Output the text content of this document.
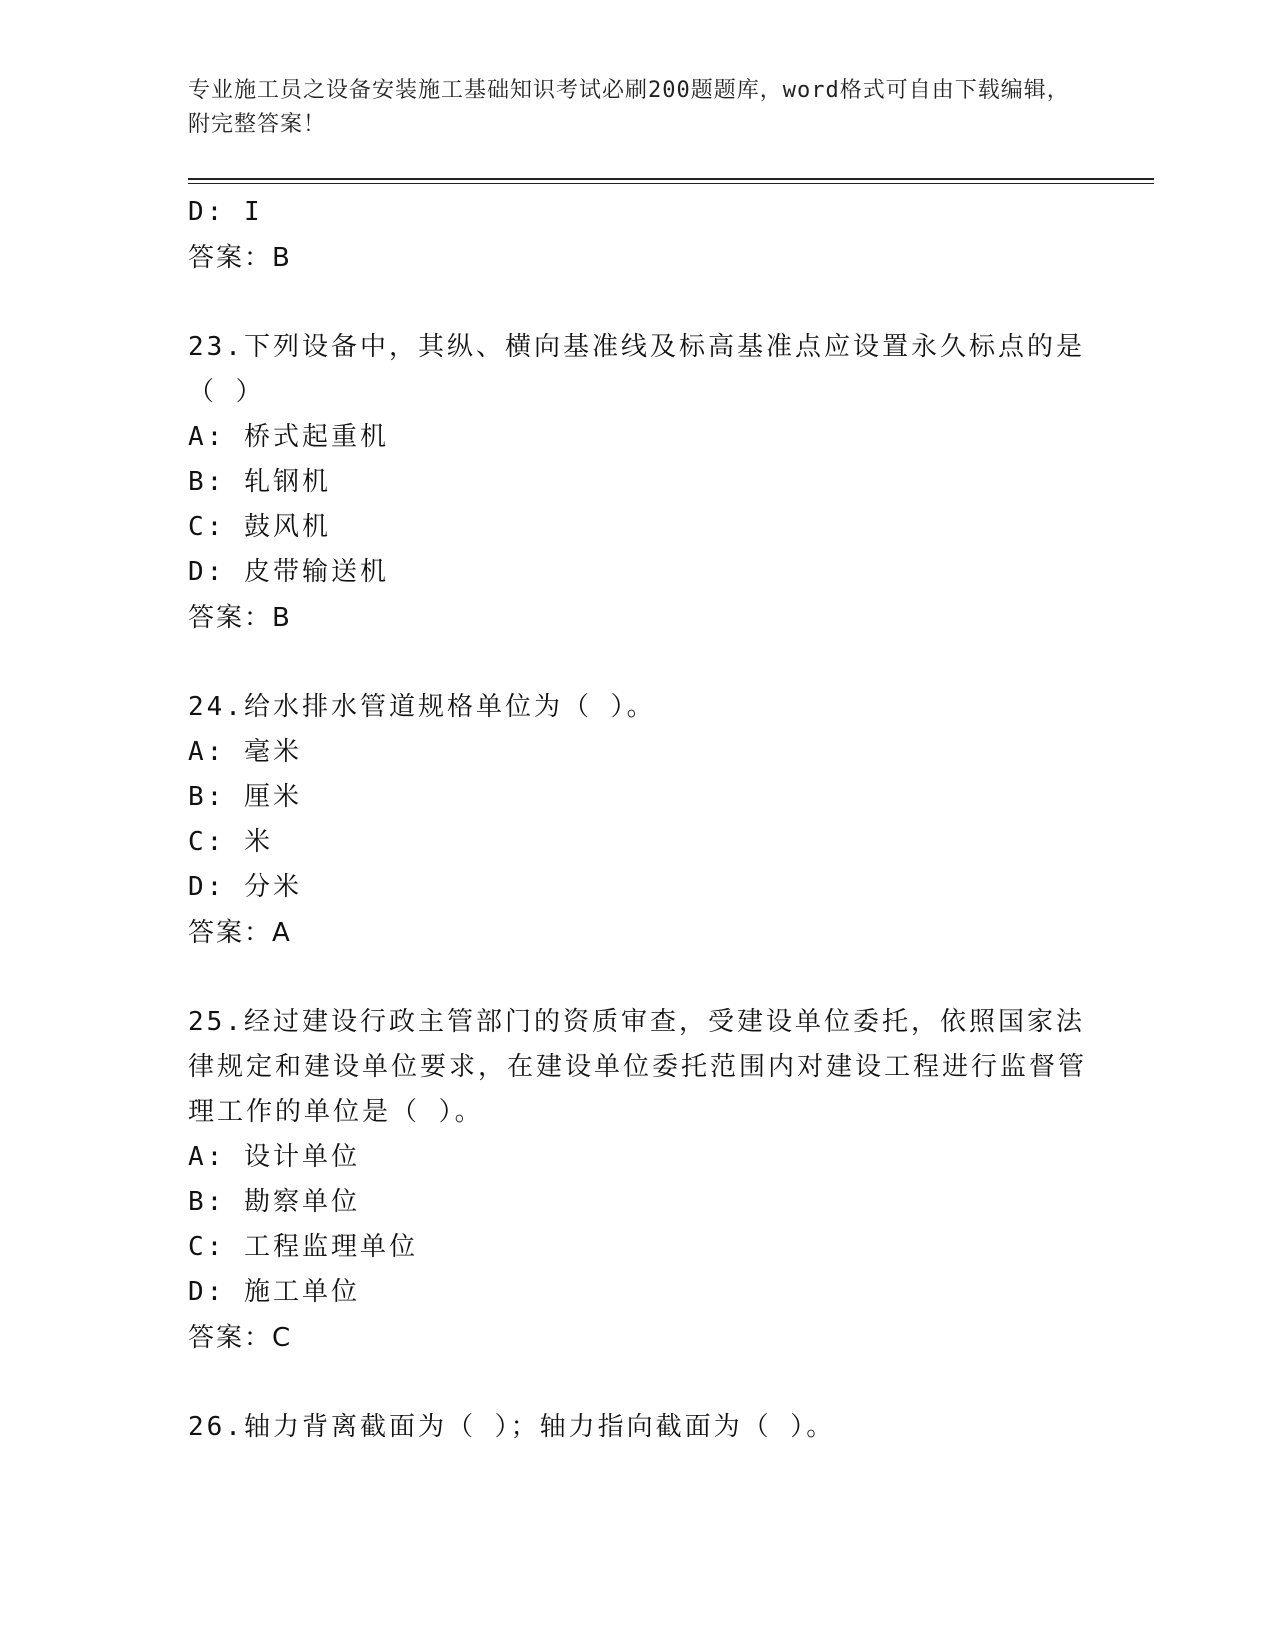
专业施工员之设备安装施工基础知识考试必刷200题题库，word格式可自由下载编辑，附完整答案！
D: I
答案：B
23.下列设备中，其纵、横向基准线及标高基准点应设置永久标点的是（ ）
A: 桥式起重机
B: 轧钢机
C: 鼓风机
D: 皮带输送机
答案：B
24.给水排水管道规格单位为（ ）。
A: 毫米
B: 厘米
C: 米
D: 分米
答案：A
25.经过建设行政主管部门的资质审查，受建设单位委托，依照国家法律规定和建设单位要求，在建设单位委托范围内对建设工程进行监督管理工作的单位是（ ）。
A: 设计单位
B: 勘察单位
C: 工程监理单位
D: 施工单位
答案：C
26.轴力背离截面为（ ）；轴力指向截面为（ ）。
